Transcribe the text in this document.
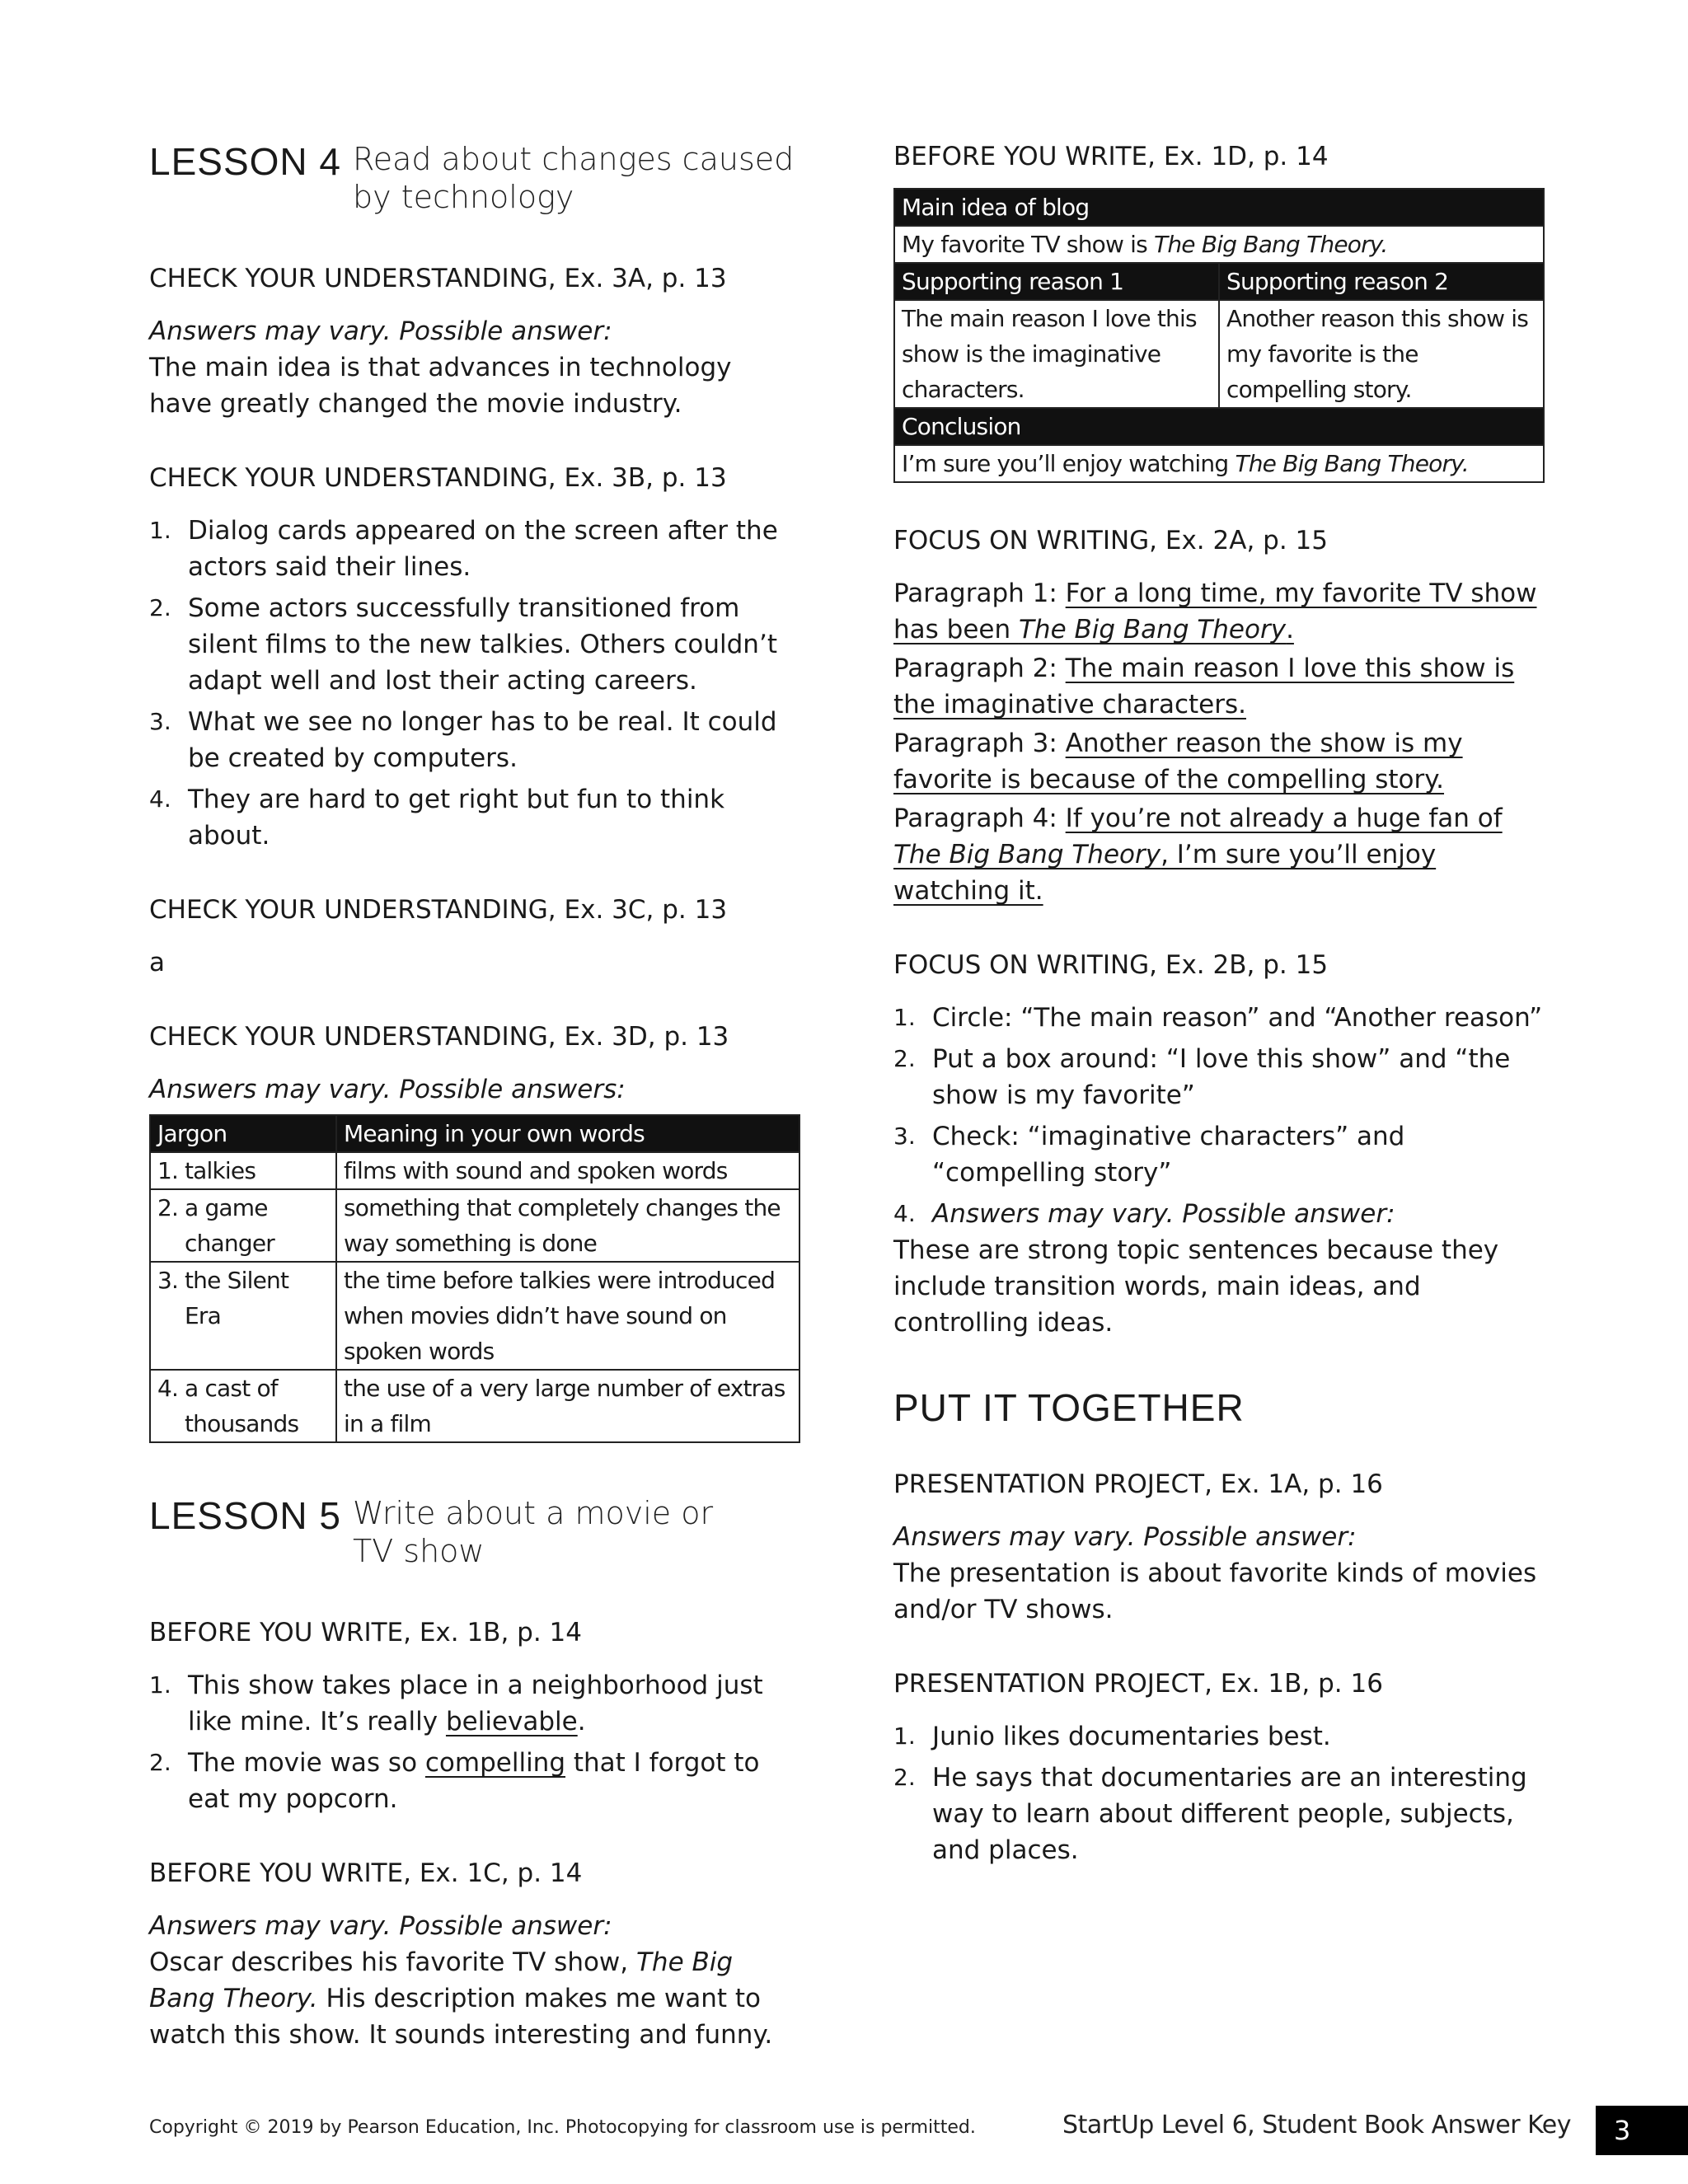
LESSON 4 Read about changes caused
by technology
CHECK YOUR UNDERSTANDING, Ex. 3A, p. 13

Answers may vary. Possible answer:

The main idea is that advances in technology have greatly changed the movie industry.

CHECK YOUR UNDERSTANDING, Ex. 3B, p. 13
1. Dialog cards appeared on the screen after the actors said their lines.
2. Some actors successfully transitioned from silent films to the new talkies. Others couldn’t adapt well and lost their acting careers.
3. What we see no longer has to be real. It could be created by computers.
4. They are hard to get right but fun to think about.
CHECK YOUR UNDERSTANDING, Ex. 3C, p. 13

a

CHECK YOUR UNDERSTANDING, Ex. 3D, p. 13

Answers may vary. Possible answers:

Jargon	Meaning in your own words

1. talkies	films with sound and spoken words

2. a game changer	something that completely changes the way something is done

3. the Silent Era	the time before talkies were introduced when movies didn’t have sound on spoken words

4. a cast of thousands	the use of a very large number of extras in a film
LESSON 5 Write about a movie or
TV show
BEFORE YOU WRITE, Ex. 1B, p. 14
1. This show takes place in a neighborhood just like mine. It’s really believable.
2. The movie was so compelling that I forgot to eat my popcorn.
BEFORE YOU WRITE, Ex. 1C, p. 14

Answers may vary. Possible answer:

Oscar describes his favorite TV show, The Big Bang Theory. His description makes me want to watch this show. It sounds interesting and funny.

BEFORE YOU WRITE, Ex. 1D, p. 14
Main idea of blog	
My favorite TV show is The Big Bang Theory.	
Supporting reason 1	Supporting reason 2
The main reason I love this show is the imaginative characters.	Another reason this show is my favorite is the compelling story.
Conclusion	
I’m sure you’ll enjoy watching The Big Bang Theory.	
FOCUS ON WRITING, Ex. 2A, p. 15

Paragraph 1: For a long time, my favorite TV show has been The Big Bang Theory.

Paragraph 2: The main reason I love this show is the imaginative characters.

Paragraph 3: Another reason the show is my favorite is because of the compelling story.

Paragraph 4: If you’re not already a huge fan of The Big Bang Theory, I’m sure you’ll enjoy watching it.

FOCUS ON WRITING, Ex. 2B, p. 15
1. Circle: “The main reason” and “Another reason”
2. Put a box around: “I love this show” and “the show is my favorite”
3. Check: “imaginative characters” and “compelling story”
4. Answers may vary. Possible answer:

These are strong topic sentences because they include transition words, main ideas, and controlling ideas.

PUT IT TOGETHER
PRESENTATION PROJECT, Ex. 1A, p. 16

Answers may vary. Possible answer:

The presentation is about favorite kinds of movies and/or TV shows.

PRESENTATION PROJECT, Ex. 1B, p. 16
1. Junio likes documentaries best.
2. He says that documentaries are an interesting way to learn about different people, subjects, and places.
Copyright © 2019 by Pearson Education, Inc. Photocopying for classroom use is permitted.	StartUp Level 6, Student Book Answer Key	3
